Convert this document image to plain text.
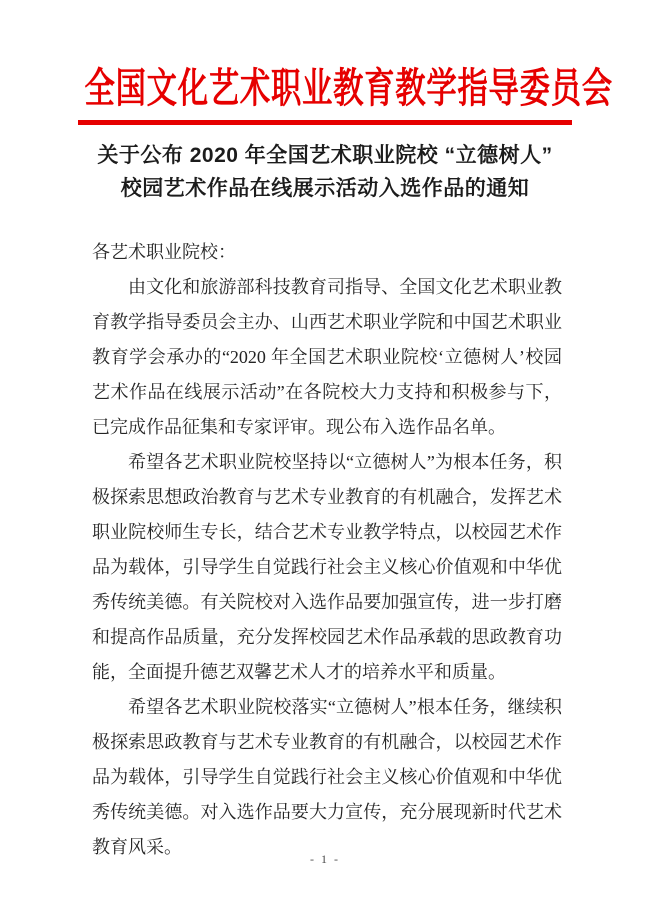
全国文化艺术职业教育教学指导委员会
关于公布 2020 年全国艺术职业院校 “立德树人”
校园艺术作品在线展示活动入选作品的通知

各艺术职业院校：

由文化和旅游部科技教育司指导、全国文化艺术职业教育教学指导委员会主办、山西艺术职业学院和中国艺术职业教育学会承办的“2020 年全国艺术职业院校‘立德树人’校园艺术作品在线展示活动”在各院校大力支持和积极参与下，已完成作品征集和专家评审。现公布入选作品名单。

希望各艺术职业院校坚持以“立德树人”为根本任务，积极探索思想政治教育与艺术专业教育的有机融合，发挥艺术职业院校师生专长，结合艺术专业教学特点，以校园艺术作品为载体，引导学生自觉践行社会主义核心价值观和中华优秀传统美德。有关院校对入选作品要加强宣传，进一步打磨和提高作品质量，充分发挥校园艺术作品承载的思政教育功能，全面提升德艺双馨艺术人才的培养水平和质量。

希望各艺术职业院校落实“立德树人”根本任务，继续积极探索思政教育与艺术专业教育的有机融合，以校园艺术作品为载体，引导学生自觉践行社会主义核心价值观和中华优秀传统美德。对入选作品要大力宣传，充分展现新时代艺术教育风采。

- 1 -
